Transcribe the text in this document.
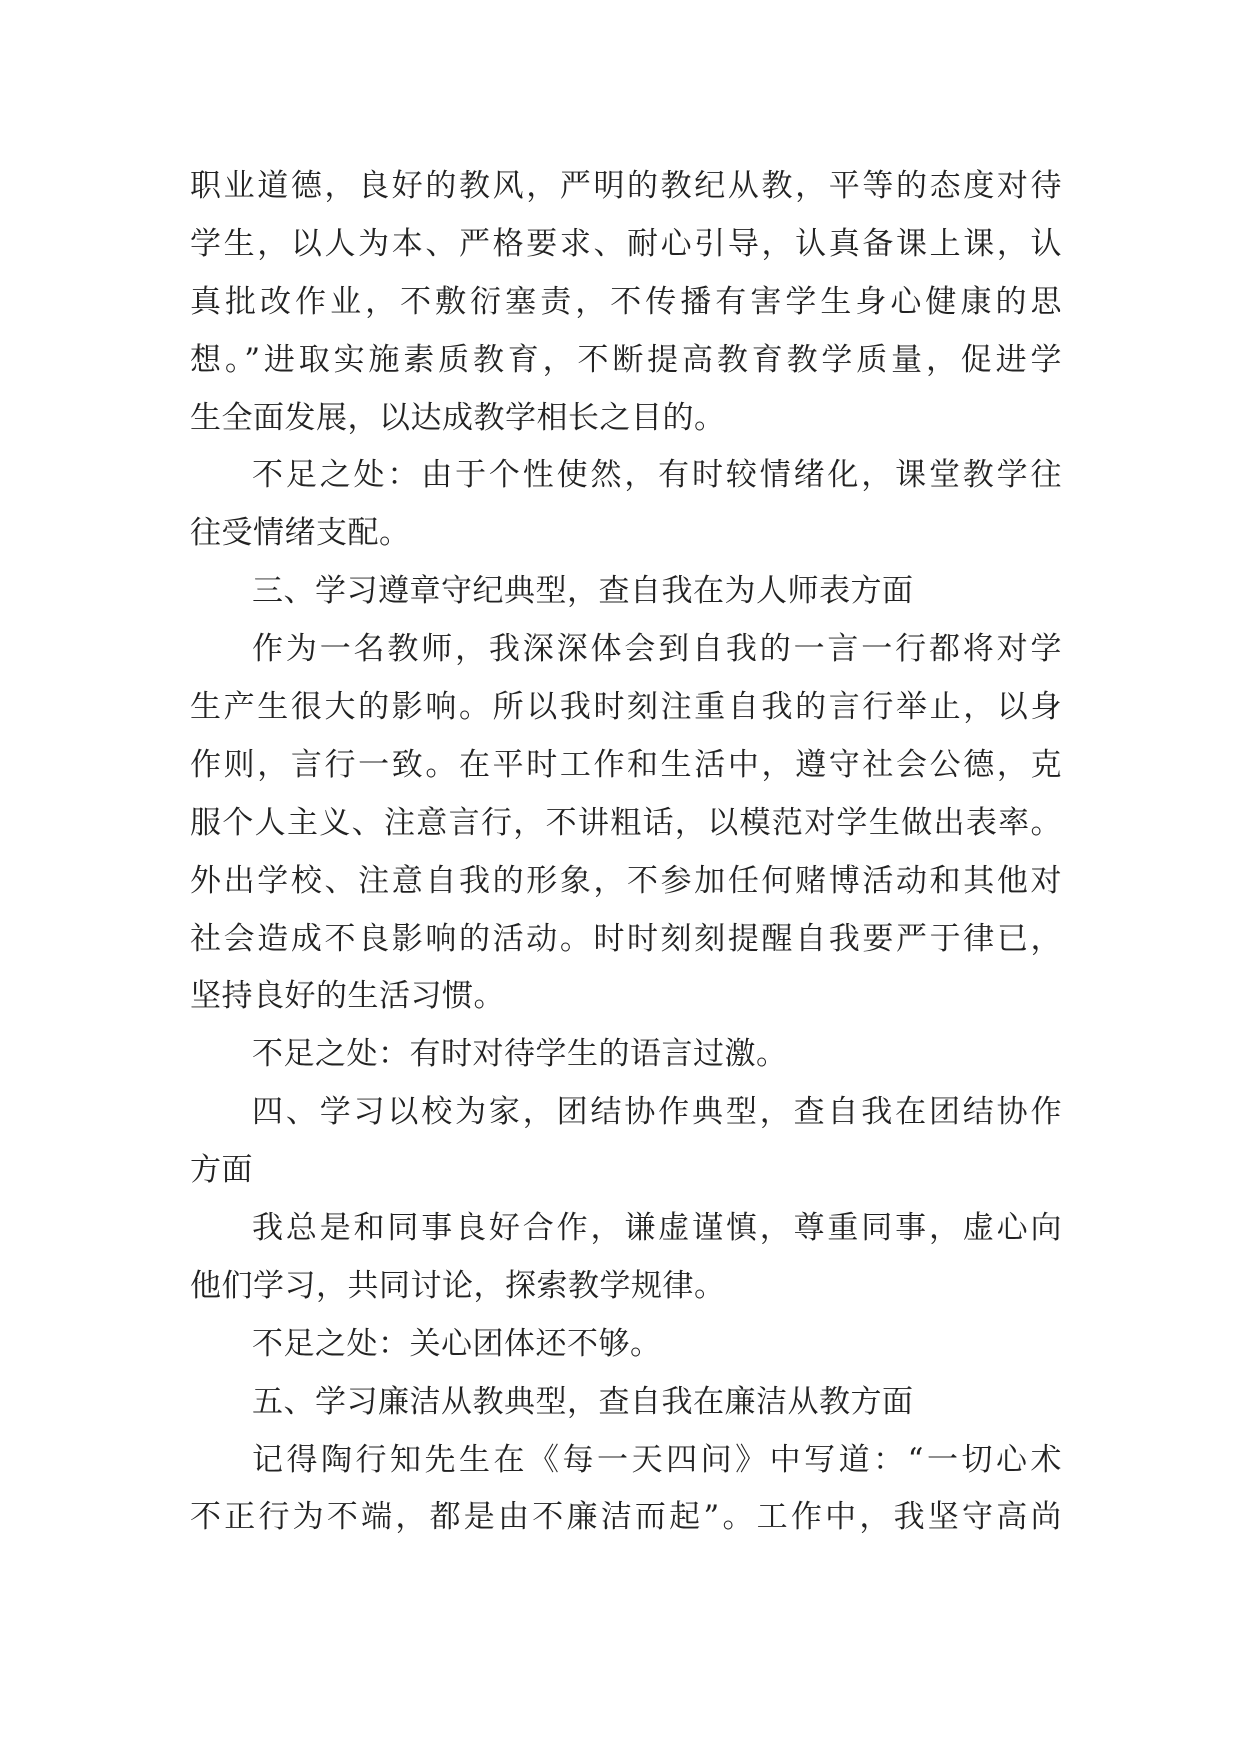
职业道德，良好的教风，严明的教纪从教，平等的态度对待
学生，以人为本、严格要求、耐心引导，认真备课上课，认
真批改作业，不敷衍塞责，不传播有害学生身心健康的思
想。”进取实施素质教育，不断提高教育教学质量，促进学
生全面发展，以达成教学相长之目的。
不足之处：由于个性使然，有时较情绪化，课堂教学往
往受情绪支配。
三、学习遵章守纪典型，查自我在为人师表方面
作为一名教师，我深深体会到自我的一言一行都将对学
生产生很大的影响。所以我时刻注重自我的言行举止，以身
作则，言行一致。在平时工作和生活中，遵守社会公德，克
服个人主义、注意言行，不讲粗话，以模范对学生做出表率。
外出学校、注意自我的形象，不参加任何赌博活动和其他对
社会造成不良影响的活动。时时刻刻提醒自我要严于律已，
坚持良好的生活习惯。
不足之处：有时对待学生的语言过激。
四、学习以校为家，团结协作典型，查自我在团结协作
方面
我总是和同事良好合作，谦虚谨慎，尊重同事，虚心向
他们学习，共同讨论，探索教学规律。
不足之处：关心团体还不够。
五、学习廉洁从教典型，查自我在廉洁从教方面
记得陶行知先生在《每一天四问》中写道：“一切心术
不正行为不端，都是由不廉洁而起”。工作中，我坚守高尚
